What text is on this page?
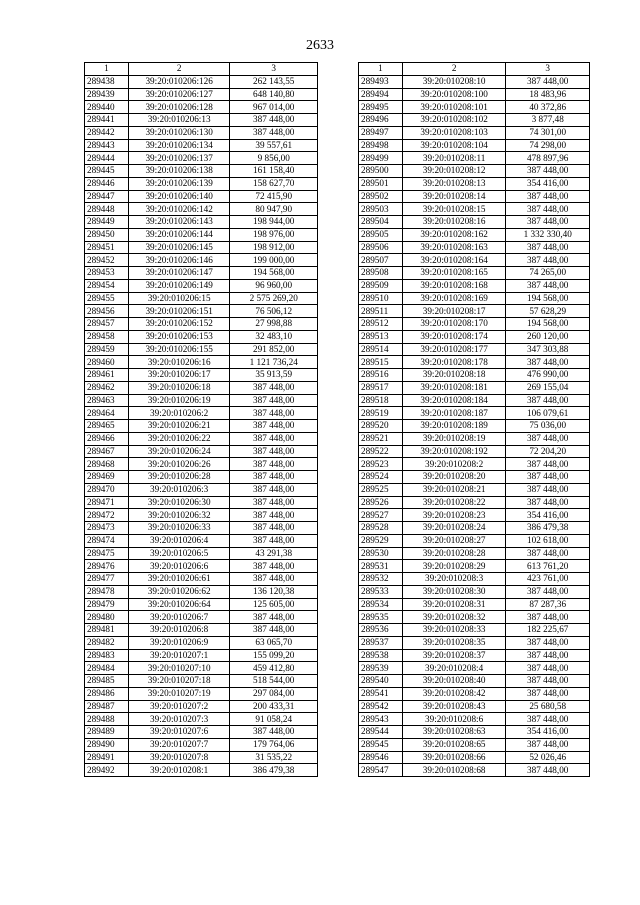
2633
1	2	3
289438	39:20:010206:126	262 143,55
289439	39:20:010206:127	648 140,80
289440	39:20:010206:128	967 014,00
289441	39:20:010206:13	387 448,00
289442	39:20:010206:130	387 448,00
289443	39:20:010206:134	39 557,61
289444	39:20:010206:137	9 856,00
289445	39:20:010206:138	161 158,40
289446	39:20:010206:139	158 627,70
289447	39:20:010206:140	72 415,90
289448	39:20:010206:142	80 947,90
289449	39:20:010206:143	198 944,00
289450	39:20:010206:144	198 976,00
289451	39:20:010206:145	198 912,00
289452	39:20:010206:146	199 000,00
289453	39:20:010206:147	194 568,00
289454	39:20:010206:149	96 960,00
289455	39:20:010206:15	2 575 269,20
289456	39:20:010206:151	76 506,12
289457	39:20:010206:152	27 998,88
289458	39:20:010206:153	32 483,10
289459	39:20:010206:155	291 852,00
289460	39:20:010206:16	1 121 736,24
289461	39:20:010206:17	35 913,59
289462	39:20:010206:18	387 448,00
289463	39:20:010206:19	387 448,00
289464	39:20:010206:2	387 448,00
289465	39:20:010206:21	387 448,00
289466	39:20:010206:22	387 448,00
289467	39:20:010206:24	387 448,00
289468	39:20:010206:26	387 448,00
289469	39:20:010206:28	387 448,00
289470	39:20:010206:3	387 448,00
289471	39:20:010206:30	387 448,00
289472	39:20:010206:32	387 448,00
289473	39:20:010206:33	387 448,00
289474	39:20:010206:4	387 448,00
289475	39:20:010206:5	43 291,38
289476	39:20:010206:6	387 448,00
289477	39:20:010206:61	387 448,00
289478	39:20:010206:62	136 120,38
289479	39:20:010206:64	125 605,00
289480	39:20:010206:7	387 448,00
289481	39:20:010206:8	387 448,00
289482	39:20:010206:9	63 065,70
289483	39:20:010207:1	155 099,20
289484	39:20:010207:10	459 412,80
289485	39:20:010207:18	518 544,00
289486	39:20:010207:19	297 084,00
289487	39:20:010207:2	200 433,31
289488	39:20:010207:3	91 058,24
289489	39:20:010207:6	387 448,00
289490	39:20:010207:7	179 764,06
289491	39:20:010207:8	31 535,22
289492	39:20:010208:1	386 479,38
1	2	3
289493	39:20:010208:10	387 448,00
289494	39:20:010208:100	18 483,96
289495	39:20:010208:101	40 372,86
289496	39:20:010208:102	3 877,48
289497	39:20:010208:103	74 301,00
289498	39:20:010208:104	74 298,00
289499	39:20:010208:11	478 897,96
289500	39:20:010208:12	387 448,00
289501	39:20:010208:13	354 416,00
289502	39:20:010208:14	387 448,00
289503	39:20:010208:15	387 448,00
289504	39:20:010208:16	387 448,00
289505	39:20:010208:162	1 332 330,40
289506	39:20:010208:163	387 448,00
289507	39:20:010208:164	387 448,00
289508	39:20:010208:165	74 265,00
289509	39:20:010208:168	387 448,00
289510	39:20:010208:169	194 568,00
289511	39:20:010208:17	57 628,29
289512	39:20:010208:170	194 568,00
289513	39:20:010208:174	260 120,00
289514	39:20:010208:177	347 303,88
289515	39:20:010208:178	387 448,00
289516	39:20:010208:18	476 990,00
289517	39:20:010208:181	269 155,04
289518	39:20:010208:184	387 448,00
289519	39:20:010208:187	106 079,61
289520	39:20:010208:189	75 036,00
289521	39:20:010208:19	387 448,00
289522	39:20:010208:192	72 204,20
289523	39:20:010208:2	387 448,00
289524	39:20:010208:20	387 448,00
289525	39:20:010208:21	387 448,00
289526	39:20:010208:22	387 448,00
289527	39:20:010208:23	354 416,00
289528	39:20:010208:24	386 479,38
289529	39:20:010208:27	102 618,00
289530	39:20:010208:28	387 448,00
289531	39:20:010208:29	613 761,20
289532	39:20:010208:3	423 761,00
289533	39:20:010208:30	387 448,00
289534	39:20:010208:31	87 287,36
289535	39:20:010208:32	387 448,00
289536	39:20:010208:33	182 225,67
289537	39:20:010208:35	387 448,00
289538	39:20:010208:37	387 448,00
289539	39:20:010208:4	387 448,00
289540	39:20:010208:40	387 448,00
289541	39:20:010208:42	387 448,00
289542	39:20:010208:43	25 680,58
289543	39:20:010208:6	387 448,00
289544	39:20:010208:63	354 416,00
289545	39:20:010208:65	387 448,00
289546	39:20:010208:66	52 026,46
289547	39:20:010208:68	387 448,00
